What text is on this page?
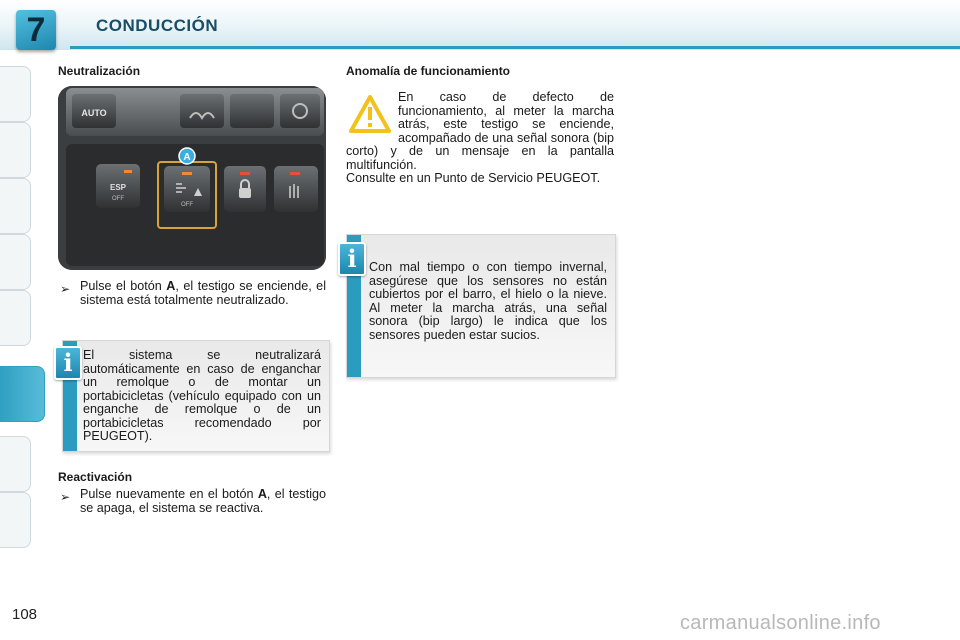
7	CONDUCCIÓN
Neutralización
AUTO
ESP
OFF
OFF
A
➢ Pulse el botón A, el testigo se enciende, el sistema está totalmente neutralizado.
El sistema se neutralizará automáticamente en caso de enganchar un remolque o de montar un portabicicletas (vehículo equipado con un enganche de remolque o de un portabicicletas recomendado por PEUGEOT).
i
Reactivación
➢ Pulse nuevamente en el botón A, el testigo se apaga, el sistema se reactiva.
Anomalía de funcionamiento
En caso de defecto de funcionamiento, al meter la marcha atrás, este testigo se enciende, acompañado de una señal sonora (bip corto) y de un mensaje en la pantalla multifunción.
Consulte en un Punto de Servicio PEUGEOT.
Con mal tiempo o con tiempo invernal, asegúrese que los sensores no están cubiertos por el barro, el hielo o la nieve. Al meter la marcha atrás, una señal sonora (bip largo) le indica que los sensores pueden estar sucios.
i
108	carmanualsonline.info
